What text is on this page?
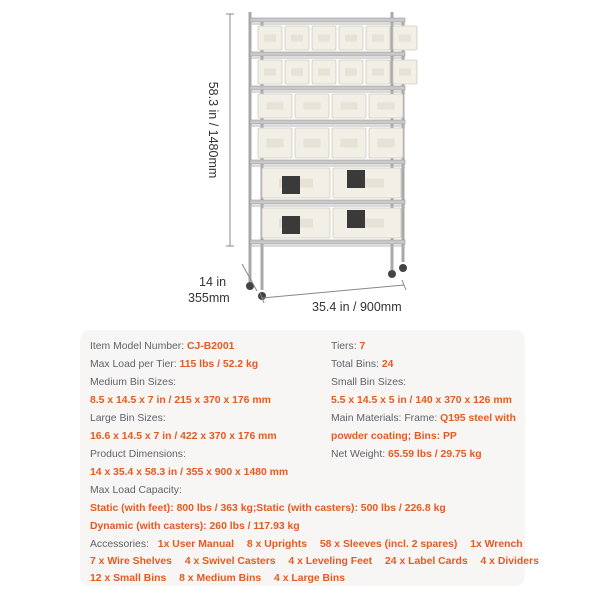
58.3 in / 1480mm
14 in
355mm
35.4 in / 900mm
Item Model Number: CJ-B2001	Tiers: 7
Max Load per Tier: 115 lbs / 52.2 kg	Total Bins: 24
Medium Bin Sizes:	Small Bin Sizes:
8.5 x 14.5 x 7 in / 215 x 370 x 176 mm	5.5 x 14.5 x 5 in / 140 x 370 x 126 mm
Large Bin Sizes:	Main Materials: Frame: Q195 steel with
16.6 x 14.5 x 7 in / 422 x 370 x 176 mm	powder coating; Bins: PP
Product Dimensions:	Net Weight: 65.59 lbs / 29.75 kg
14 x 35.4 x 58.3 in / 355 x 900 x 1480 mm
Max Load Capacity:
Static (with feet): 800 lbs / 363 kg;Static (with casters): 500 lbs / 226.8 kg
Dynamic (with casters): 260 lbs / 117.93 kg
Accessories: 1x User Manual 8 x Uprights 58 x Sleeves (incl. 2 spares) 1x Wrench
7 x Wire Shelves 4 x Swivel Casters 4 x Leveling Feet 24 x Label Cards 4 x Dividers
12 x Small Bins 8 x Medium Bins 4 x Large Bins
